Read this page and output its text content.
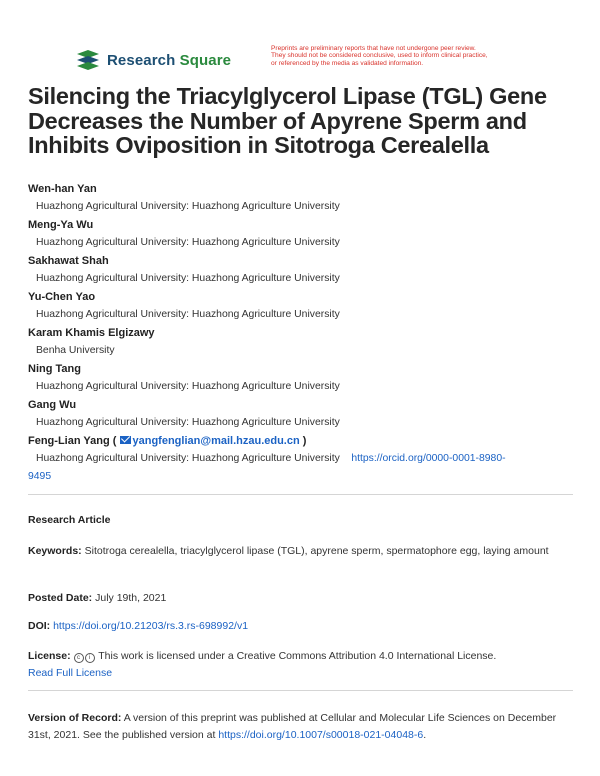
Research Square
Preprints are preliminary reports that have not undergone peer review.
They should not be considered conclusive, used to inform clinical practice,
or referenced by the media as validated information.
Silencing the Triacylglycerol Lipase (TGL) Gene Decreases the Number of Apyrene Sperm and Inhibits Oviposition in Sitotroga Cerealella
Wen-han Yan
Huazhong Agricultural University: Huazhong Agriculture University
Meng-Ya Wu
Huazhong Agricultural University: Huazhong Agriculture University
Sakhawat Shah
Huazhong Agricultural University: Huazhong Agriculture University
Yu-Chen Yao
Huazhong Agricultural University: Huazhong Agriculture University
Karam Khamis Elgizawy
Benha University
Ning Tang
Huazhong Agricultural University: Huazhong Agriculture University
Gang Wu
Huazhong Agricultural University: Huazhong Agriculture University
Feng-Lian Yang ( yangfenglian@mail.hzau.edu.cn )
Huazhong Agricultural University: Huazhong Agriculture University https://orcid.org/0000-0001-8980-
9495
Research Article
Keywords: Sitotroga cerealella, triacylglycerol lipase (TGL), apyrene sperm, spermatophore egg, laying amount
Posted Date: July 19th, 2021
DOI: https://doi.org/10.21203/rs.3.rs-698992/v1
License: c i This work is licensed under a Creative Commons Attribution 4.0 International License.
Read Full License
Version of Record: A version of this preprint was published at Cellular and Molecular Life Sciences on December 31st, 2021. See the published version at https://doi.org/10.1007/s00018-021-04048-6.
